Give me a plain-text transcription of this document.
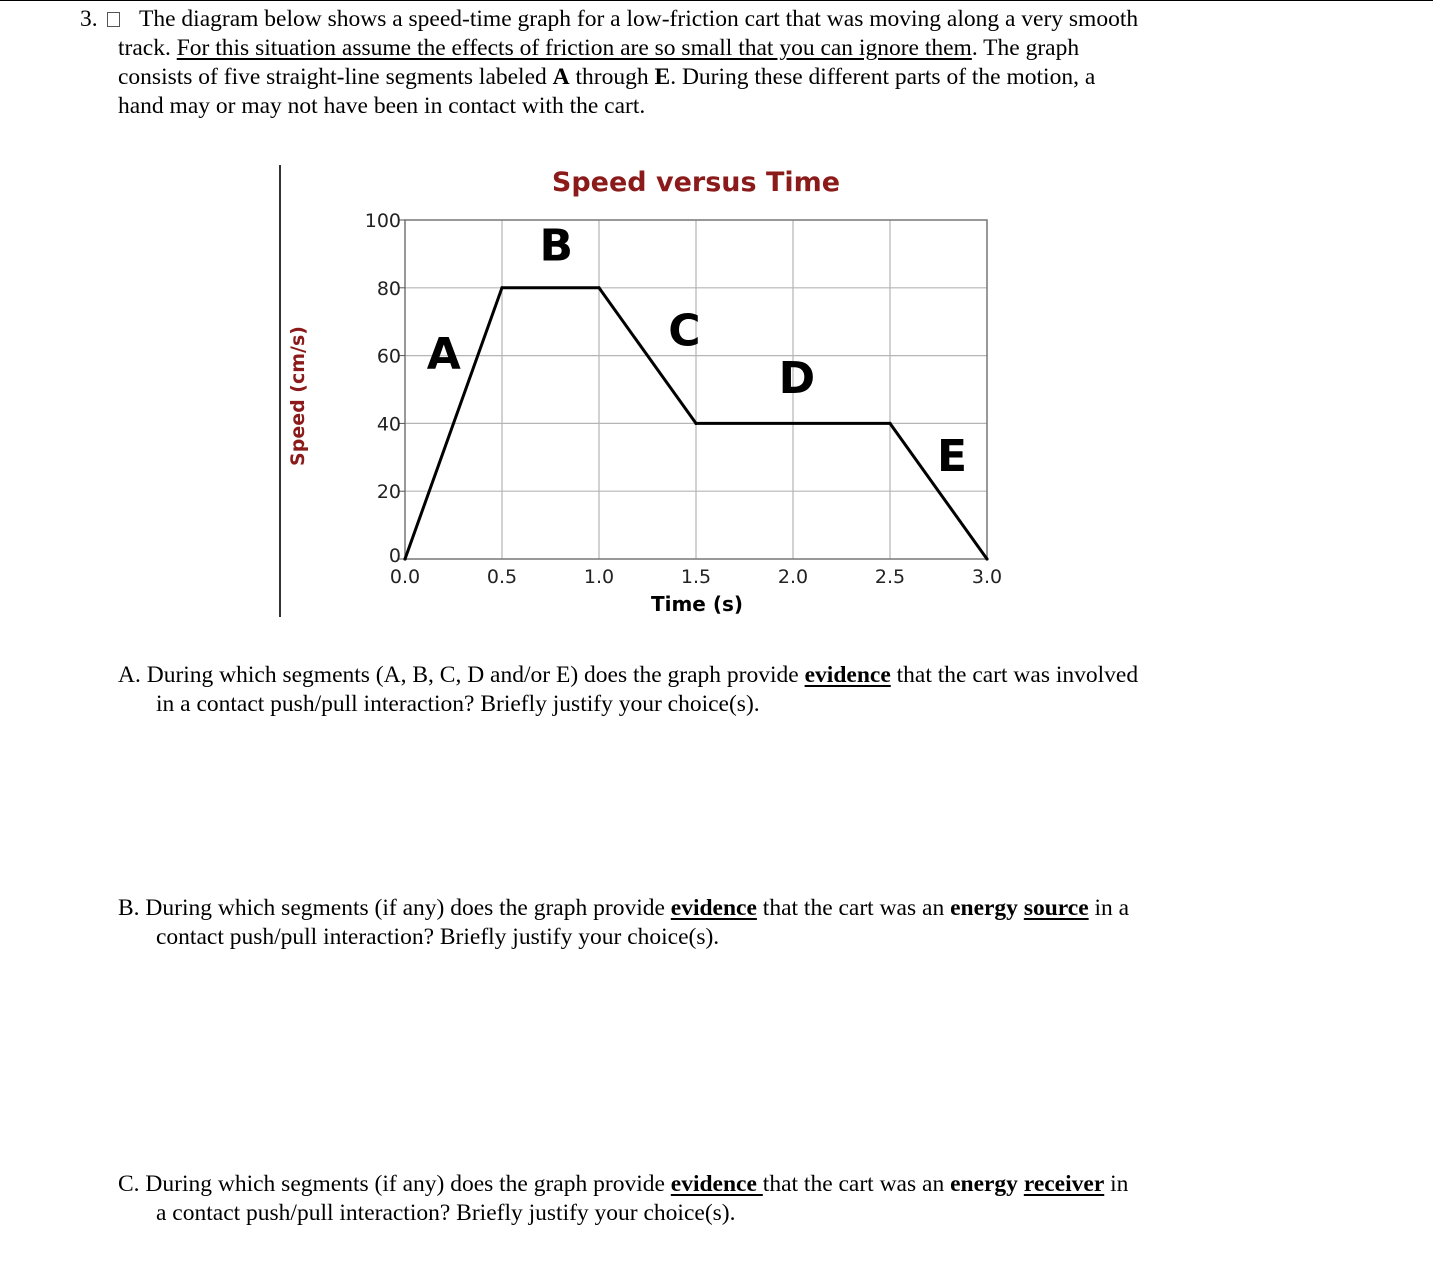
3.	The diagram below shows a speed-time graph for a low-friction cart that was moving along a very smooth
track. For this situation assume the effects of friction are so small that you can ignore them. The graph
consists of five straight-line segments labeled A through E. During these different parts of the motion, a
hand may or may not have been in contact with the cart.
0.0	0.5	1.0	1.5	2.0	2.5	3.0
0
20
40
60
80
100
A
B
C
D
E
Speed versus Time
Time (s)
Speed (cm/s)
A. During which segments (A, B, C, D and/or E) does the graph provide evidence that the cart was involved
in a contact push/pull interaction? Briefly justify your choice(s).
B. During which segments (if any) does the graph provide evidence that the cart was an energy source in a
contact push/pull interaction? Briefly justify your choice(s).
C. During which segments (if any) does the graph provide evidence that the cart was an energy receiver in
a contact push/pull interaction? Briefly justify your choice(s).
